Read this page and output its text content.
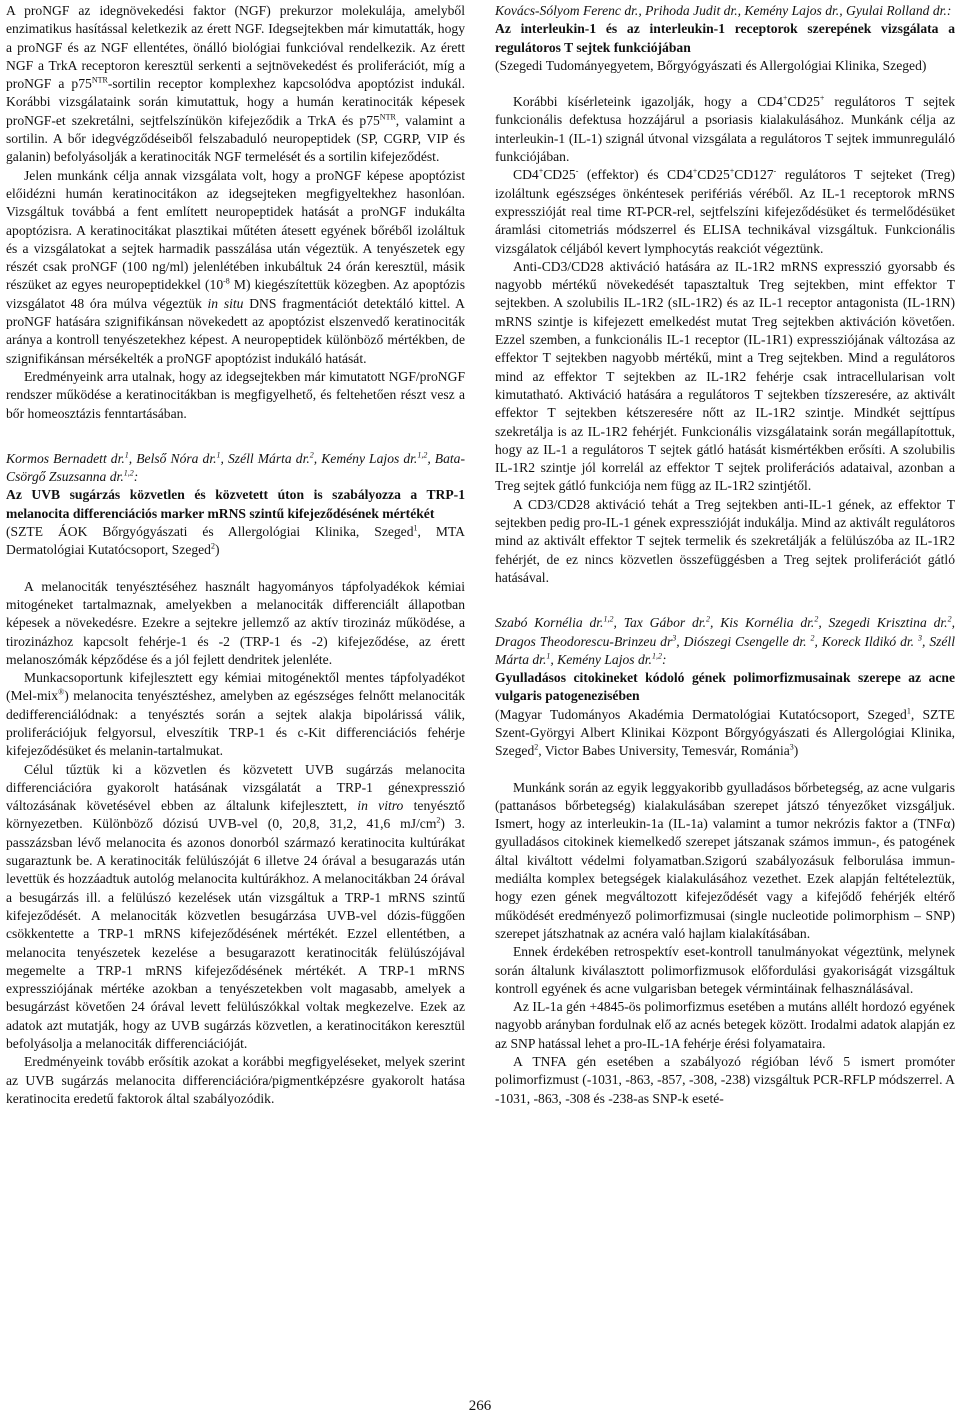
A proNGF az idegnövekedési faktor (NGF) prekurzor molekulája, amelyből enzimatikus hasítással keletkezik az érett NGF. Idegsejtekben már kimutatták, hogy a proNGF és az NGF ellentétes, önálló biológiai funkcióval rendelkezik. Az érett NGF a TrkA receptoron keresztül serkenti a sejtnövekedést és proliferációt, míg a proNGF a $p75^{NTR}$-sortilin receptor komplexhez kapcsolódva apoptózist indukál. Korábbi vizsgálataink során kimutattuk, hogy a humán keratinociták képesek proNGF-et szekretálni, sejtfelszínükön kifejeződik a TrkA és $p75^{NTR}$, valamint a sortilin. A bőr idegvégződéseiből felszabaduló neuropeptidek (SP, CGRP, VIP és galanin) befolyásolják a keratinociták NGF termelését és a sortilin kifejeződést.

Jelen munkánk célja annak vizsgálata volt, hogy a proNGF képese apoptózist előidézni humán keratinocitákon az idegsejteken megfigyeltekhez hasonlóan. Vizsgáltuk továbbá a fent említett neuropeptidek hatását a proNGF indukálta apoptózisra. A keratinocitákat plasztikai műtéten átesett egyének bőréből izoláltuk és a vizsgálatokat a sejtek harmadik passzálása után végeztük. A tenyészetek egy részét csak proNGF (100 ng/ml) jelenlétében inkubáltuk 24 órán keresztül, másik részüket az egyes neuropeptidekkel ($10^{-8}$ M) kiegészítettük közegben. Az apoptózis vizsgálatot 48 óra múlva végeztük in situ DNS fragmentációt detektáló kittel. A proNGF hatására szignifikánsan növekedett az apoptózist elszenvedő keratinociták aránya a kontroll tenyészetekhez képest. A neuropeptidek különböző mértékben, de szignifikánsan mérsékelték a proNGF apoptózist indukáló hatását.

Eredményeink arra utalnak, hogy az idegsejtekben már kimutatott NGF/proNGF rendszer működése a keratinocitákban is megfigyelhető, és feltehetően részt vesz a bőr homeosztázis fenntartásában.

Kormos Bernadett dr.$^1$, Belső Nóra dr.$^1$, Széll Márta dr.$^2$, Kemény Lajos dr.$^{1,2}$, Bata-Csörgő Zsuzsanna dr.$^{1,2}$:

Az UVB sugárzás közvetlen és közvetett úton is szabályozza a TRP-1 melanocita differenciációs marker mRNS szintű kifejeződésének mértékét

(SZTE ÁOK Bőrgyógyászati és Allergológiai Klinika, Szeged$^1$, MTA Dermatológiai Kutatócsoport, Szeged$^2$)

A melanociták tenyésztéséhez használt hagyományos tápfolyadékok kémiai mitogéneket tartalmaznak, amelyekben a melanociták differenciált állapotban képesek a növekedésre. Ezekre a sejtekre jellemző az aktív tirozináz működése, a tirozinázhoz kapcsolt fehérje-1 és -2 (TRP-1 és -2) kifejeződése, az érett melanoszómák képződése és a jól fejlett dendritek jelenléte.

Munkacsoportunk kifejlesztett egy kémiai mitogénektől mentes tápfolyadékot (Mel-mix®) melanocita tenyésztéshez, amelyben az egészséges felnőtt melanociták dedifferenciálódnak: a tenyésztés során a sejtek alakja bipolárissá válik, proliferációjuk felgyorsul, elveszítik TRP-1 és c-Kit differenciációs fehérje kifejeződésüket és melanin-tartalmukat.

Célul tűztük ki a közvetlen és közvetett UVB sugárzás melanocita differenciációra gyakorolt hatásának vizsgálatát a TRP-1 génexpresszió változásának követésével ebben az általunk kifejlesztett, in vitro tenyésztő környezetben. Különböző dózisú UVB-vel (0, 20,8, 31,2, 41,6 $mJ/cm^2$) 3. passzázsban lévő melanocita és azonos donorból származó keratinocita kultúrákat sugaraztunk be. A keratinociták felülúszóját 6 illetve 24 órával a besugarazás után levettük és hozzáadtuk autológ melanocita kultúrákhoz. A melanocitákban 24 órával a besugárzás ill. a felülúszó kezelések után vizsgáltuk a TRP-1 mRNS szintű kifejeződését. A melanociták közvetlen besugárzása UVB-vel dózis-függően csökkentette a TRP-1 mRNS kifejeződésének mértékét. Ezzel ellentétben, a melanocita tenyészetek kezelése a besugarazott keratinociták felülúszójával megemelte a TRP-1 mRNS kifejeződésének mértékét. A TRP-1 mRNS expressziójának mértéke azokban a tenyészetekben volt magasabb, amelyek a besugárzást követően 24 órával levett felülúszókkal voltak megkezelve. Ezek az adatok azt mutatják, hogy az UVB sugárzás közvetlen, a keratinocitákon keresztül befolyásolja a melanociták differenciációját.

Eredményeink tovább erősítik azokat a korábbi megfigyeléseket, melyek szerint az UVB sugárzás melanocita differenciációra/pigmentképzésre gyakorolt hatása keratinocita eredetű faktorok által szabályozódik.

Kovács-Sólyom Ferenc dr., Prihoda Judit dr., Kemény Lajos dr., Gyulai Rolland dr.:

Az interleukin-1 és az interleukin-1 receptorok szerepének vizsgálata a regulátoros T sejtek funkciójában

(Szegedi Tudományegyetem, Bőrgyógyászati és Allergológiai Klinika, Szeged)

Korábbi kísérleteink igazolják, hogy a CD4+CD25+ regulátoros T sejtek funkcionális defektusa hozzájárul a psoriasis kialakulásához. Munkánk célja az interleukin-1 (IL-1) szignál útvonal vizsgálata a regulátoros T sejtek immunreguláló funkciójában.

CD4+CD25- (effektor) és CD4+CD25+CD127- regulátoros T sejteket (Treg) izoláltunk egészséges önkéntesek perifériás véréből. Az IL-1 receptorok mRNS expresszióját real time RT-PCR-rel, sejtfelszíni kifejeződésüket és termelődésüket áramlási citometriás módszerrel és ELISA technikával vizsgáltuk. Funkcionális vizsgálatok céljából kevert lymphocytás reakciót végeztünk.

Anti-CD3/CD28 aktiváció hatására az IL-1R2 mRNS expresszió gyorsabb és nagyobb mértékű növekedését tapasztaltuk Treg sejtekben, mint effektor T sejtekben. A szolubilis IL-1R2 (sIL-1R2) és az IL-1 receptor antagonista (IL-1RN) mRNS szintje is kifejezett emelkedést mutat Treg sejtekben aktiváción követően. Ezzel szemben, a funkcionális IL-1 receptor (IL-1R1) expressziójának változása az effektor T sejtekben nagyobb mértékű, mint a Treg sejtekben. Mind a regulátoros mind az effektor T sejtekben az IL-1R2 fehérje csak intracellularisan volt kimutatható. Aktiváció hatására a regulátoros T sejtekben tízszeresére, az aktivált effektor T sejtekben kétszeresére nőtt az IL-1R2 szintje. Mindkét sejttípus szekretálja is az IL-1R2 fehérjét. Funkcionális vizsgálataink során megállapítottuk, hogy az IL-1 a regulátoros T sejtek gátló hatását kismértékben erősíti. A szolubilis IL-1R2 szintje jól korrelál az effektor T sejtek proliferációs adataival, azonban a Treg sejtek gátló funkciója nem függ az IL-1R2 szintjétől.

A CD3/CD28 aktiváció tehát a Treg sejtekben anti-IL-1 gének, az effektor T sejtekben pedig pro-IL-1 gének expresszióját indukálja. Mind az aktivált regulátoros mind az aktivált effektor T sejtek termelik és szekretálják a felülúszóba az IL-1R2 fehérjét, de ez nincs közvetlen összefüggésben a Treg sejtek proliferációt gátló hatásával.

Szabó Kornélia dr.$^{1,2}$, Tax Gábor dr.$^2$, Kis Kornélia dr.$^2$, Szegedi Krisztina dr.$^2$, Dragos Theodorescu-Brinzeu $dr^3$, Diószegi Csengelle dr. $^2$, Koreck Ildikó dr. $^3$, Széll Márta dr.$^1$, Kemény Lajos dr.$^{1,2}$:

Gyulladásos citokineket kódoló gének polimorfizmusainak szerepe az acne vulgaris patogenezisében

(Magyar Tudományos Akadémia Dermatológiai Kutatócsoport, Szeged$^1$, SZTE Szent-Györgyi Albert Klinikai Központ Bőrgyógyászati és Allergológiai Klinika, Szeged$^2$, Victor Babes University, Temesvár, Románia$^3$)

Munkánk során az egyik leggyakoribb gyulladásos bőrbetegség, az acne vulgaris (pattanásos bőrbetegség) kialakulásában szerepet játszó tényezőket vizsgáljuk. Ismert, hogy az interleukin-1a (IL-1a) valamint a tumor nekrózis faktor a (TNFα) gyulladásos citokinek kiemelkedő szerepet játszanak számos immun-, és patogének által kiváltott védelmi folyamatban.Szigorú szabályozásuk felborulása immun-mediálta komplex betegségek kialakulásához vezethet. Ezek alapján feltételeztük, hogy ezen gének megváltozott kifejeződését vagy a kifejődő fehérjék eltérő működését eredményező polimorfizmusai (single nucleotide polimorphism – SNP) szerepet játszhatnak az acnéra való hajlam kialakításában.

Ennek érdekében retrospektív eset-kontroll tanulmányokat végeztünk, melynek során általunk kiválasztott polimorfizmusok előfordulási gyakoriságát vizsgáltuk kontroll egyének és acne vulgarisban betegek vérmintáinak felhasználásával.

Az IL-1a gén +4845-ös polimorfizmus esetében a mutáns allélt hordozó egyének nagyobb arányban fordulnak elő az acnés betegek között. Irodalmi adatok alapján ez az SNP hatással lehet a pro-IL-1A fehérje érési folyamataira.

A TNFA gén esetében a szabályozó régióban lévő 5 ismert promóter polimorfizmust (-1031, -863, -857, -308, -238) vizsgáltuk PCR-RFLP módszerrel. A -1031, -863, -308 és -238-as SNP-k eseté-

266
